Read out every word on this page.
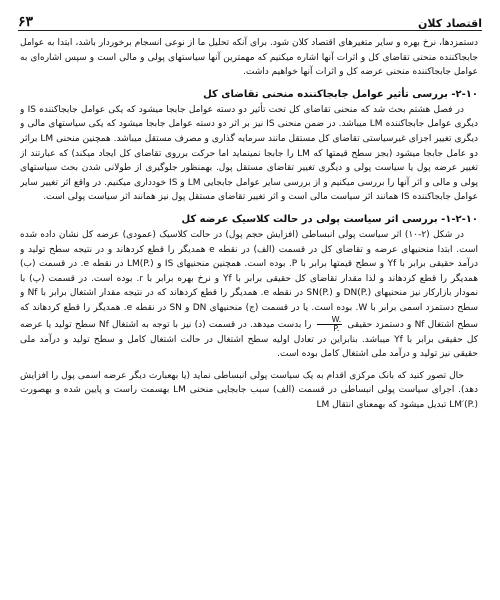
اقتصاد کلان
۶۳

دستمزدها، نرخ بهره و سایر متغیرهای اقتصاد کلان شود. برای آنکه تحلیل ما از نوعی انسجام برخوردار باشد، ابتدا به عوامل جابجاکننده منحنی تقاضای کل و اثرات آنها اشاره میکنیم که مهمترین آنها سیاستهای پولی و مالی است و سپس اشاره‌ای به عوامل جابجاکننده منحنی عرضه کل و اثرات آنها خواهیم داشت.

۲-۱۰- بررسی تأثیر عوامل جابجاکننده منحنی تقاضای کل

در فصل هشتم بحث شد که منحنی تقاضای کل تحت تأثیر دو دسته عوامل جابجا میشود که یکی عوامل جابجاکننده IS و دیگری عوامل جابجاکننده LM میباشد. در ضمن منحنی IS نیز بر اثر دو دسته عوامل جابجا میشود که یکی سیاستهای مالی و دیگری تغییر اجزای غیرسیاستی تقاضای کل مستقل مانند سرمایه گذاری و مصرف مستقل میباشد. همچنین منحنی LM براثر دو عامل جابجا میشود (بجز سطح قیمتها که LM را جابجا نمینماید اما حرکت برروی تقاضای کل ایجاد میکند) که عبارتند از تغییر عرضه پول یا سیاست پولی و دیگری تغییر تقاضای مستقل پول. بهمنظور جلوگیری از طولانی شدن بحث سیاستهای پولی و مالی و اثر آنها را بررسی میکنیم و از بررسی سایر عوامل جابجایی LM و IS خودداری میکنیم. در واقع اثر تغییر سایر عوامل جابجاکننده IS همانند اثر سیاست مالی است و اثر تغییر تقاضای مستقل پول نیز همانند اثر سیاست پولی است.

۱-۲-۱۰- بررسی اثر سیاست پولی در حالت کلاسیک عرضه کل

در شکل (۲-۱۰) اثر سیاست پولی انبساطی (افزایش حجم پول) در حالت کلاسیک (عمودی) عرضه کل نشان داده شده است. ابتدا منحنیهای عرضه و تقاضای کل در قسمت (الف) در نقطه e همدیگر را قطع کردهاند و در نتیجه سطح تولید و درآمد حقیقی برابر با Yf و سطح قیمتها برابر با P. بوده است. همچنین منحنیهای IS و LM(P.) در نقطه e. در قسمت (ب) همدیگر را قطع کردهاند و لذا مقدار تقاضای کل حقیقی برابر با Yf و نرخ بهره برابر با r. بوده است. در قسمت (پ) با نمودار بازارکار نیز منحنیهای DN(P.) و SN(P.) در نقطه e. همدیگر را قطع کردهاند که در نتیجه مقدار اشتغال برابر با Nf و سطح دستمزد اسمی برابر با W. بوده است. یا در قسمت (ج) منحنیهای DN و SN در نقطه e. همدیگر را قطع کردهاند که سطح اشتغال Nf و دستمزد حقیقی
$\frac{W.}{P.}$
را بدست میدهد. در قسمت (د) نیز با توجه به اشتغال Nf سطح تولید یا عرضه کل حقیقی برابر با Yf میباشد. بنابراین در تعادل اولیه سطح اشتغال در حالت اشتغال کامل و سطح تولید و درآمد ملی حقیقی نیز تولید و درآمد ملی اشتغال کامل بوده است.

حال تصور کنید که بانک مرکزی اقدام به یک سیاست پولی انبساطی نماید (یا بهعبارت دیگر عرضه اسمی پول را افزایش دهد). اجرای سیاست پولی انبساطی در قسمت (الف) سبب جابجایی منحنی LM بهسمت راست و پایین شده و بهصورت LM′(P.) تبدیل میشود که بهمعنای انتقال LM
